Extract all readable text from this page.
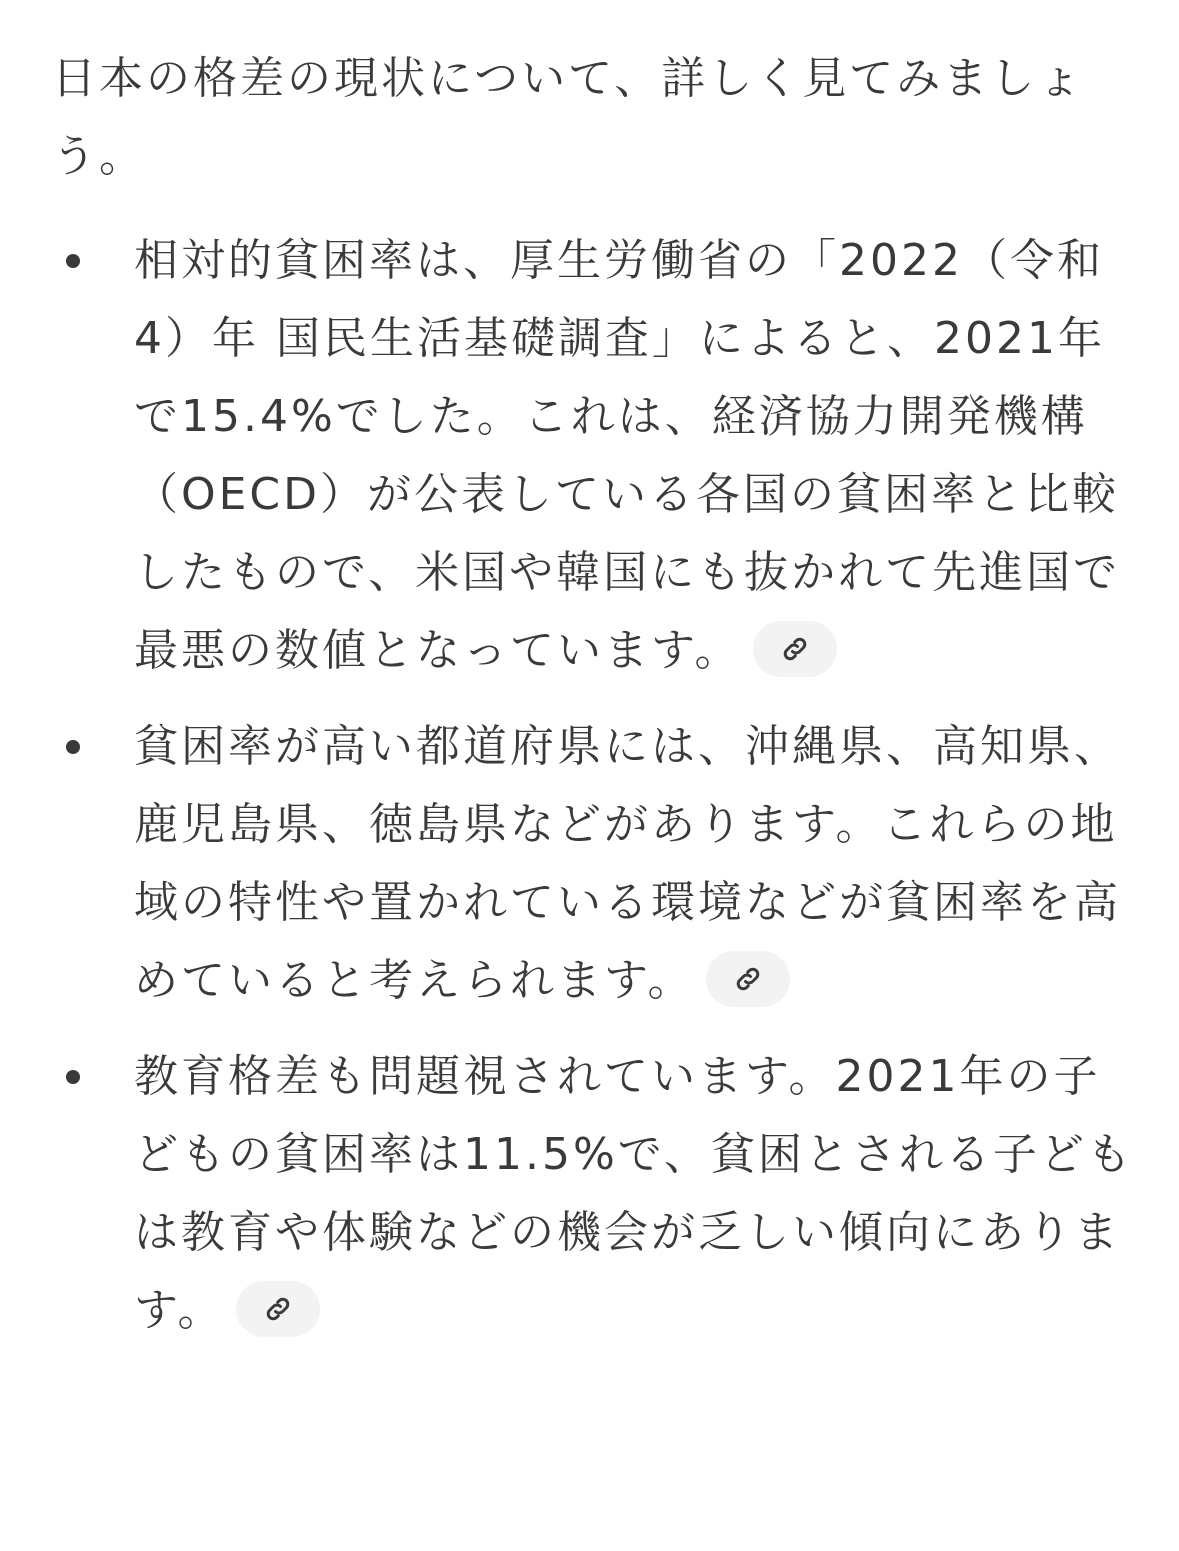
日本の格差の現状について、詳しく見てみましょう。

相対的貧困率は、厚生労働省の「2022（令和4）年 国民生活基礎調査」によると、2021年で15.4%でした。これは、経済協力開発機構（OECD）が公表している各国の貧困率と比較したもので、米国や韓国にも抜かれて先進国で最悪の数値となっています。
貧困率が高い都道府県には、沖縄県、高知県、鹿児島県、徳島県などがあります。これらの地域の特性や置かれている環境などが貧困率を高めていると考えられます。
教育格差も問題視されています。2021年の子どもの貧困率は11.5%で、貧困とされる子どもは教育や体験などの機会が乏しい傾向にあります。
